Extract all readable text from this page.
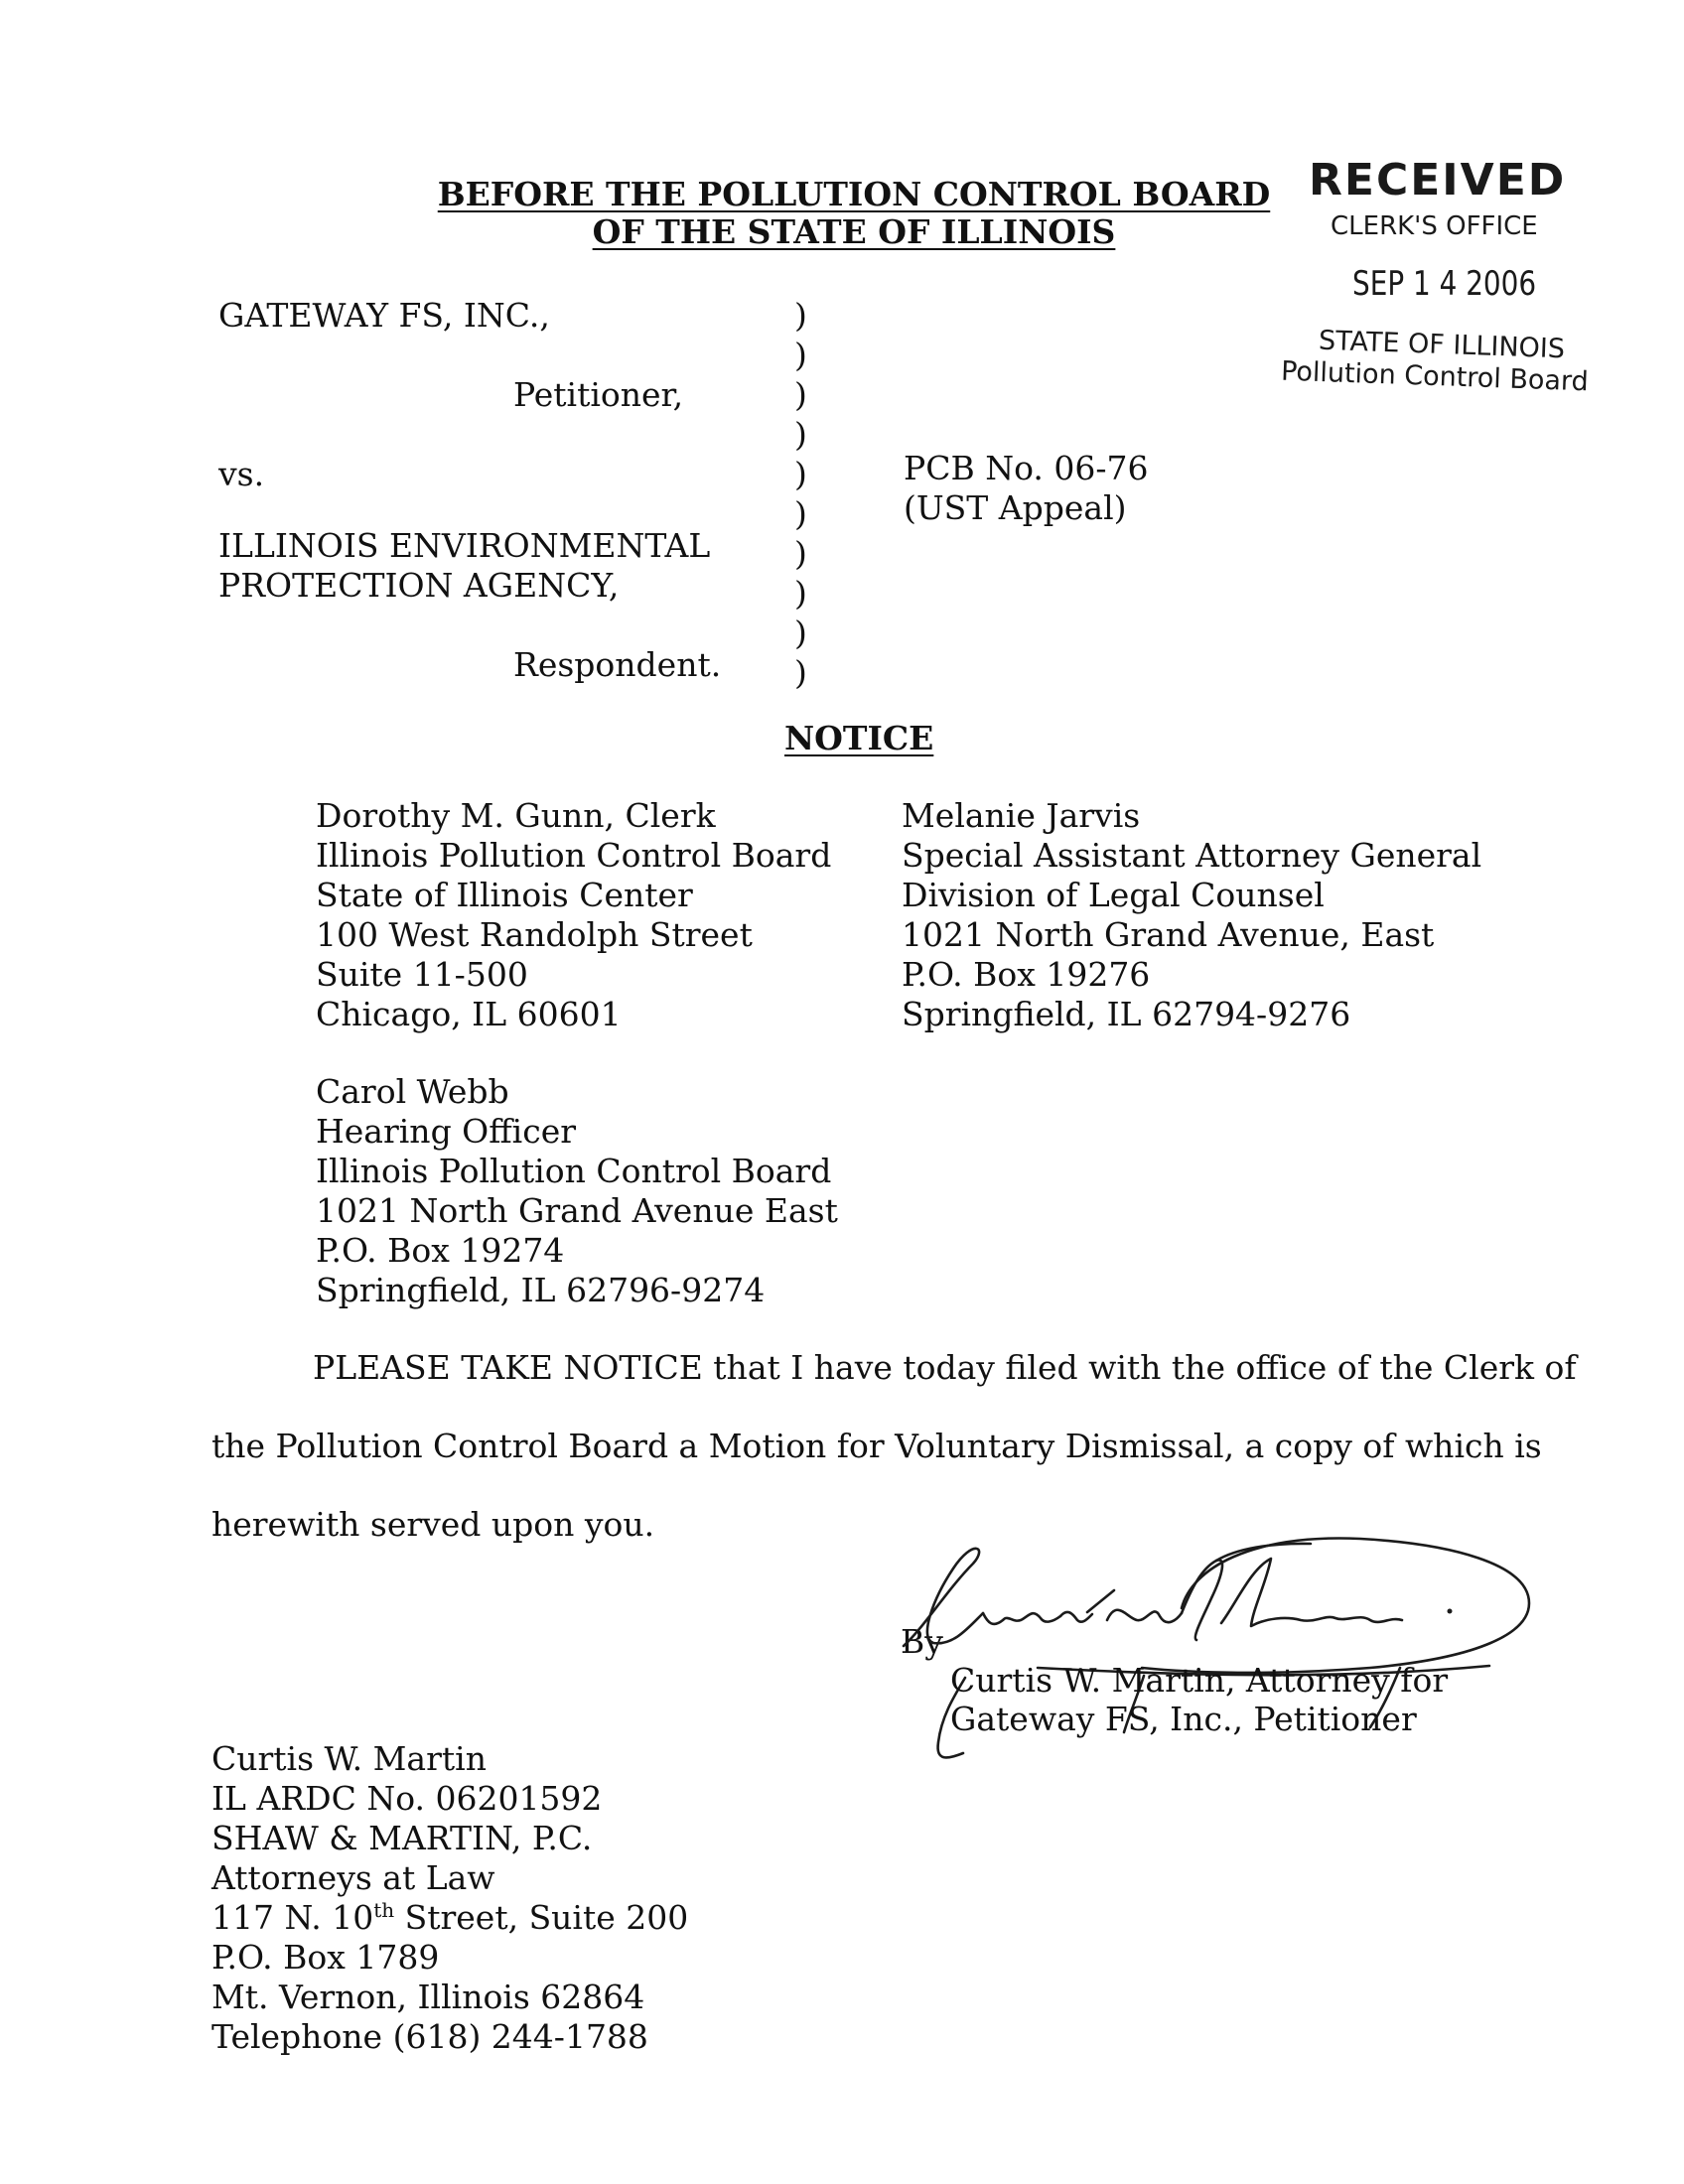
BEFORE THE POLLUTION CONTROL BOARD
OF THE STATE OF ILLINOIS
RECEIVED
CLERK'S OFFICE
SEP 1 4 2006
STATE OF ILLINOIS
Pollution Control Board
GATEWAY FS, INC.,
Petitioner,
vs.
ILLINOIS ENVIRONMENTAL
PROTECTION AGENCY,
Respondent.
)
)
)
)
)
)
)
)
)
)
PCB No. 06-76
(UST Appeal)
NOTICE
Dorothy M. Gunn, Clerk
Illinois Pollution Control Board
State of Illinois Center
100 West Randolph Street
Suite 11-500
Chicago, IL 60601
Melanie Jarvis
Special Assistant Attorney General
Division of Legal Counsel
1021 North Grand Avenue, East
P.O. Box 19276
Springfield, IL 62794-9276
Carol Webb
Hearing Officer
Illinois Pollution Control Board
1021 North Grand Avenue East
P.O. Box 19274
Springfield, IL 62796-9274
PLEASE TAKE NOTICE that I have today filed with the office of the Clerk of
the Pollution Control Board a Motion for Voluntary Dismissal, a copy of which is
herewith served upon you.
By
Curtis W. Martin, Attorney for
Gateway FS, Inc., Petitioner
Curtis W. Martin
IL ARDC No. 06201592
SHAW & MARTIN, P.C.
Attorneys at Law
117 N. 10th Street, Suite 200
P.O. Box 1789
Mt. Vernon, Illinois 62864
Telephone (618) 244-1788
